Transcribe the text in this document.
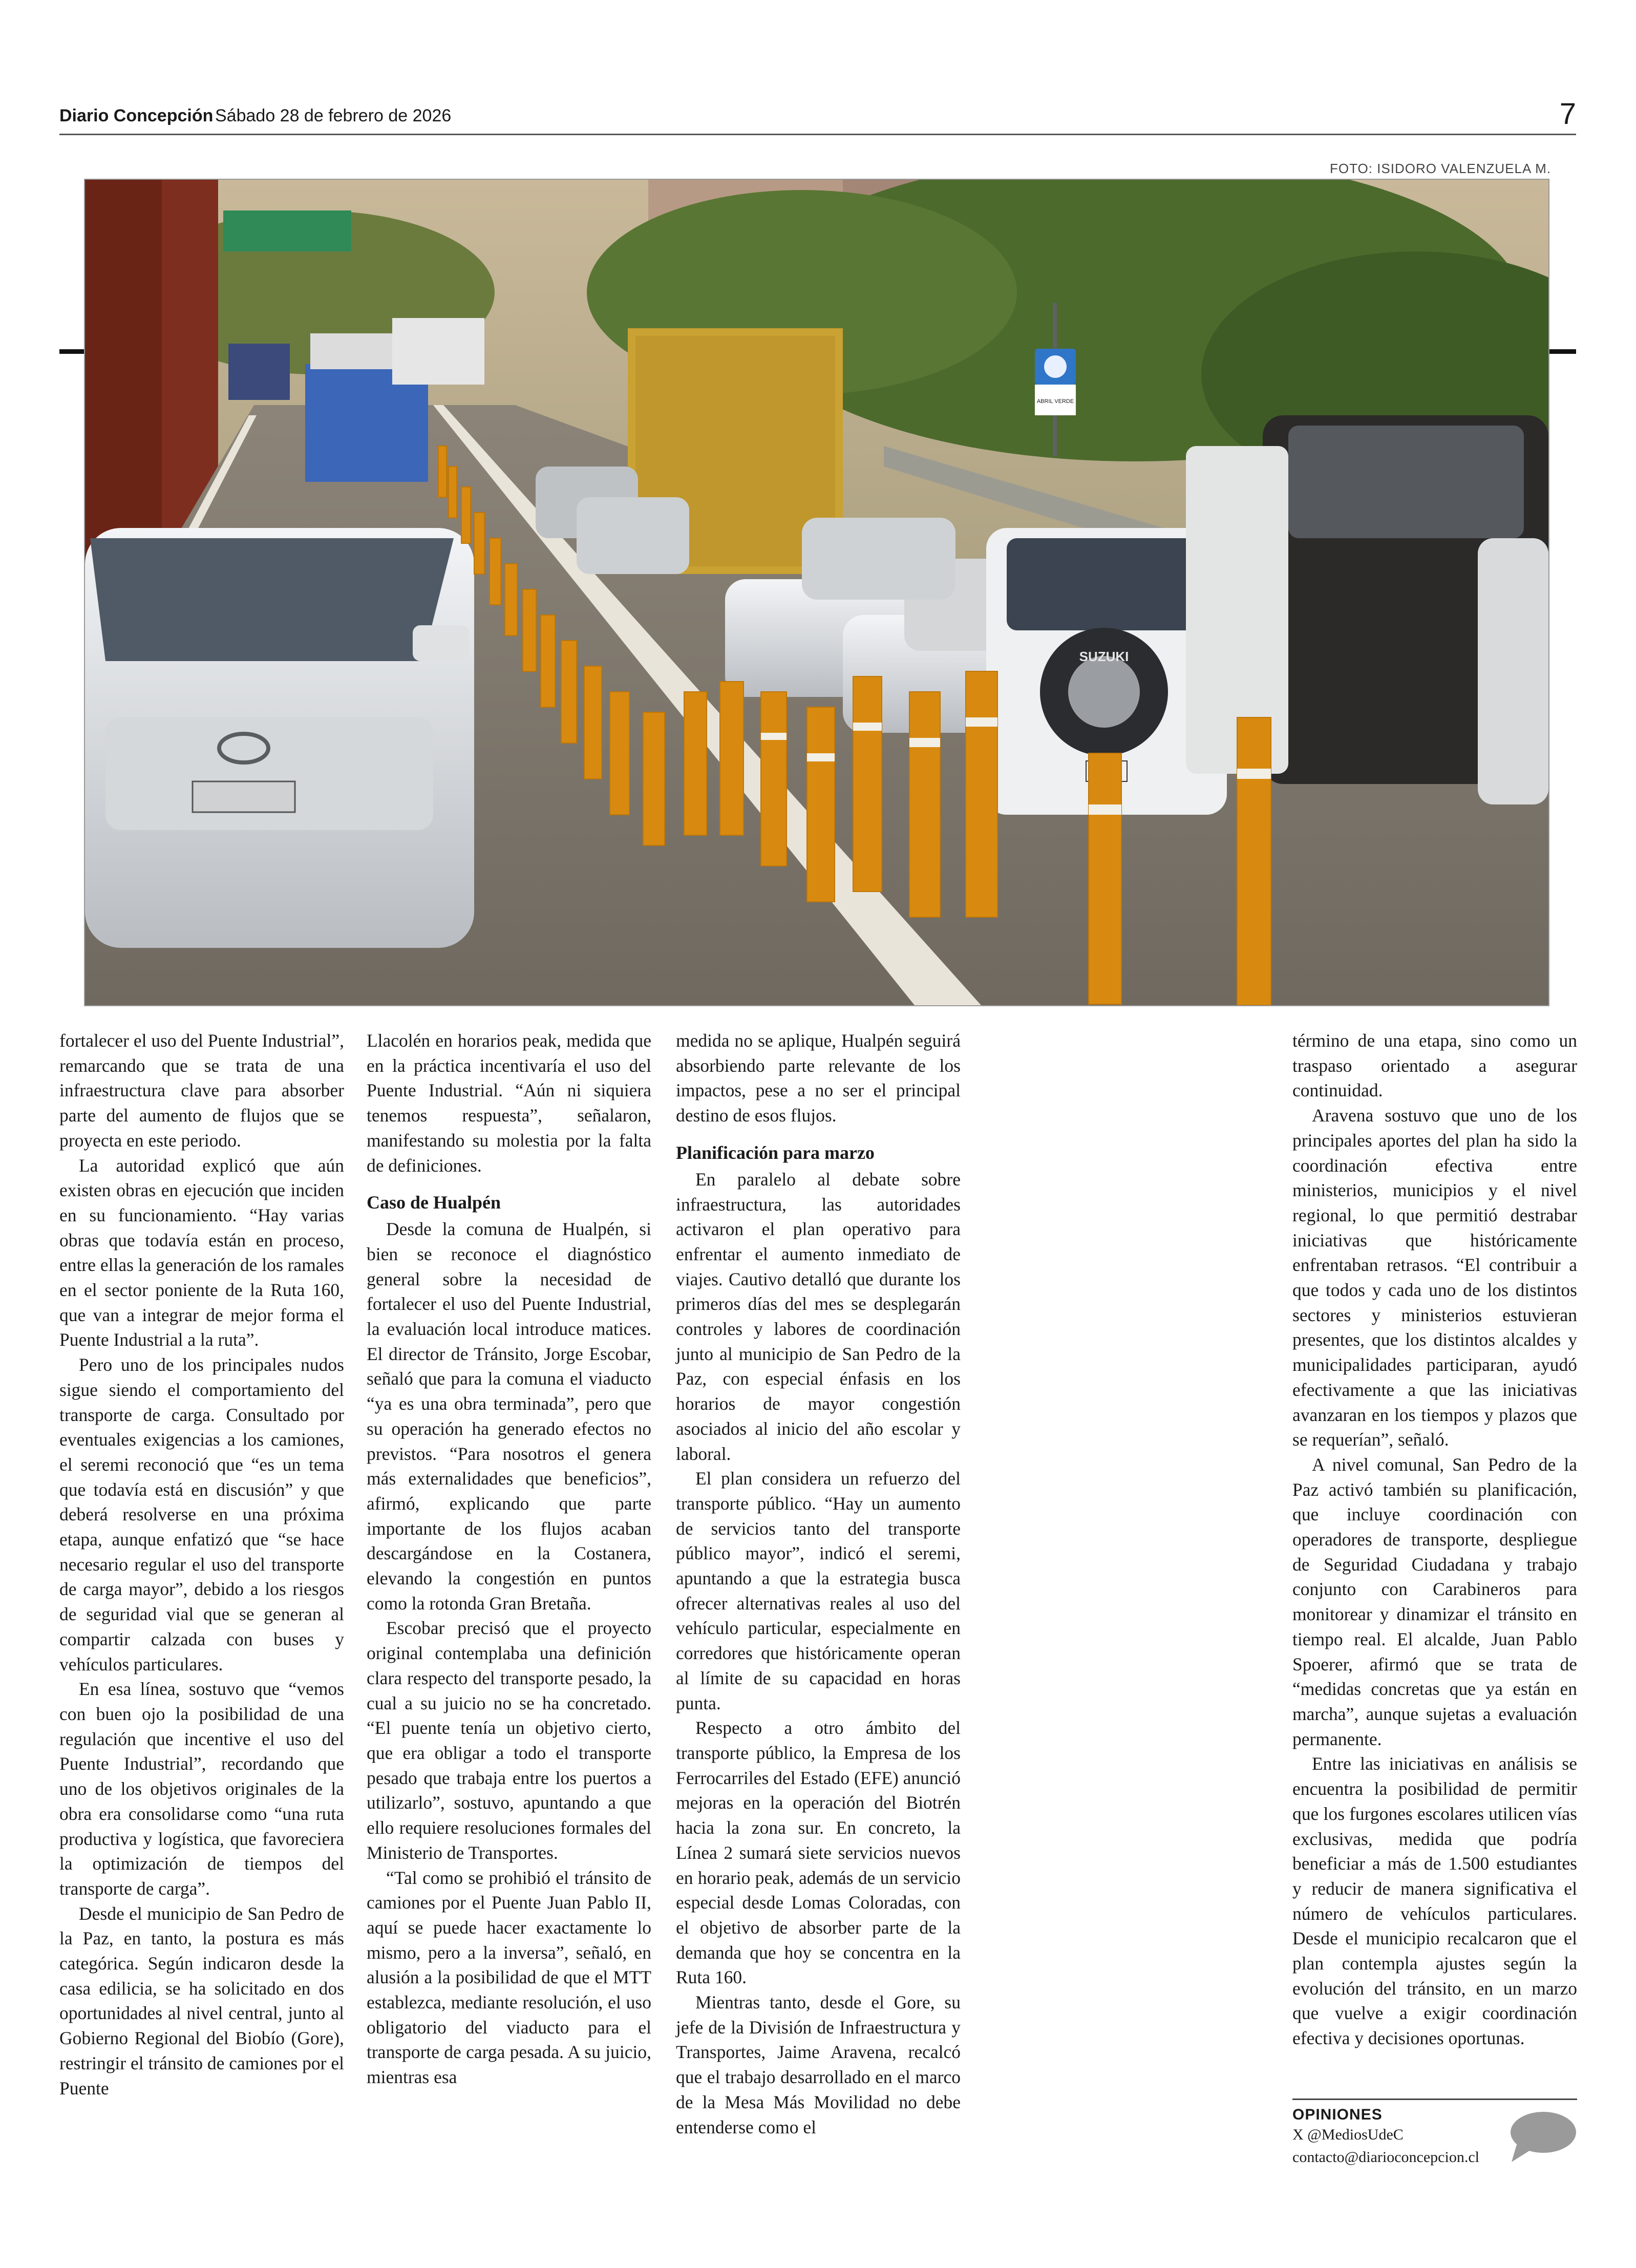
Diario Concepción Sábado 28 de febrero de 2026	7
FOTO: ISIDORO VALENZUELA M.
SUZUKI
ABRIL VERDE

fortalecer el uso del Puente Industrial”, remarcando que se trata de una infraestructura clave para absorber parte del aumento de flujos que se proyecta en este periodo.

La autoridad explicó que aún existen obras en ejecución que inciden en su funcionamiento. “Hay varias obras que todavía están en proceso, entre ellas la generación de los ramales en el sector poniente de la Ruta 160, que van a integrar de mejor forma el Puente Industrial a la ruta”.

Pero uno de los principales nudos sigue siendo el comportamiento del transporte de carga. Consultado por eventuales exigencias a los camiones, el seremi reconoció que “es un tema que todavía está en discusión” y que deberá resolverse en una próxima etapa, aunque enfatizó que “se hace necesario regular el uso del transporte de carga mayor”, debido a los riesgos de seguridad vial que se generan al compartir calzada con buses y vehículos particulares.

En esa línea, sostuvo que “vemos con buen ojo la posibilidad de una regulación que incentive el uso del Puente Industrial”, recordando que uno de los objetivos originales de la obra era consolidarse como “una ruta productiva y logística, que favoreciera la optimización de tiempos del transporte de carga”.

Desde el municipio de San Pedro de la Paz, en tanto, la postura es más categórica. Según indicaron desde la casa edilicia, se ha solicitado en dos oportunidades al nivel central, junto al Gobierno Regional del Biobío (Gore), restringir el tránsito de camiones por el Puente

Llacolén en horarios peak, medida que en la práctica incentivaría el uso del Puente Industrial. “Aún ni siquiera tenemos respuesta”, señalaron, manifestando su molestia por la falta de definiciones.

Caso de Hualpén

Desde la comuna de Hualpén, si bien se reconoce el diagnóstico general sobre la necesidad de fortalecer el uso del Puente Industrial, la evaluación local introduce matices. El director de Tránsito, Jorge Escobar, señaló que para la comuna el viaducto “ya es una obra terminada”, pero que su operación ha generado efectos no previstos. “Para nosotros el genera más externalidades que beneficios”, afirmó, explicando que parte importante de los flujos acaban descargándose en la Costanera, elevando la congestión en puntos como la rotonda Gran Bretaña.

Escobar precisó que el proyecto original contemplaba una definición clara respecto del transporte pesado, la cual a su juicio no se ha concretado. “El puente tenía un objetivo cierto, que era obligar a todo el transporte pesado que trabaja entre los puertos a utilizarlo”, sostuvo, apuntando a que ello requiere resoluciones formales del Ministerio de Transportes.

“Tal como se prohibió el tránsito de camiones por el Puente Juan Pablo II, aquí se puede hacer exactamente lo mismo, pero a la inversa”, señaló, en alusión a la posibilidad de que el MTT establezca, mediante resolución, el uso obligatorio del viaducto para el transporte de carga pesada. A su juicio, mientras esa

medida no se aplique, Hualpén seguirá absorbiendo parte relevante de los impactos, pese a no ser el principal destino de esos flujos.

Planificación para marzo

En paralelo al debate sobre infraestructura, las autoridades activaron el plan operativo para enfrentar el aumento inmediato de viajes. Cautivo detalló que durante los primeros días del mes se desplegarán controles y labores de coordinación junto al municipio de San Pedro de la Paz, con especial énfasis en los horarios de mayor congestión asociados al inicio del año escolar y laboral.

El plan considera un refuerzo del transporte público. “Hay un aumento de servicios tanto del transporte público mayor”, indicó el seremi, apuntando a que la estrategia busca ofrecer alternativas reales al uso del vehículo particular, especialmente en corredores que históricamente operan al límite de su capacidad en horas punta.

Respecto a otro ámbito del transporte público, la Empresa de los Ferrocarriles del Estado (EFE) anunció mejoras en la operación del Biotrén hacia la zona sur. En concreto, la Línea 2 sumará siete servicios nuevos en horario peak, además de un servicio especial desde Lomas Coloradas, con el objetivo de absorber parte de la demanda que hoy se concentra en la Ruta 160.

Mientras tanto, desde el Gore, su jefe de la División de Infraestructura y Transportes, Jaime Aravena, recalcó que el trabajo desarrollado en el marco de la Mesa Más Movilidad no debe entenderse como el

término de una etapa, sino como un traspaso orientado a asegurar continuidad.

Aravena sostuvo que uno de los principales aportes del plan ha sido la coordinación efectiva entre ministerios, municipios y el nivel regional, lo que permitió destrabar iniciativas que históricamente enfrentaban retrasos. “El contribuir a que todos y cada uno de los distintos sectores y ministerios estuvieran presentes, que los distintos alcaldes y municipalidades participaran, ayudó efectivamente a que las iniciativas avanzaran en los tiempos y plazos que se requerían”, señaló.

A nivel comunal, San Pedro de la Paz activó también su planificación, que incluye coordinación con operadores de transporte, despliegue de Seguridad Ciudadana y trabajo conjunto con Carabineros para monitorear y dinamizar el tránsito en tiempo real. El alcalde, Juan Pablo Spoerer, afirmó que se trata de “medidas concretas que ya están en marcha”, aunque sujetas a evaluación permanente.

Entre las iniciativas en análisis se encuentra la posibilidad de permitir que los furgones escolares utilicen vías exclusivas, medida que podría beneficiar a más de 1.500 estudiantes y reducir de manera significativa el número de vehículos particulares. Desde el municipio recalcaron que el plan contempla ajustes según la evolución del tránsito, en un marzo que vuelve a exigir coordinación efectiva y decisiones oportunas.

OPINIONES
X @MediosUdeC
contacto@diarioconcepcion.cl
